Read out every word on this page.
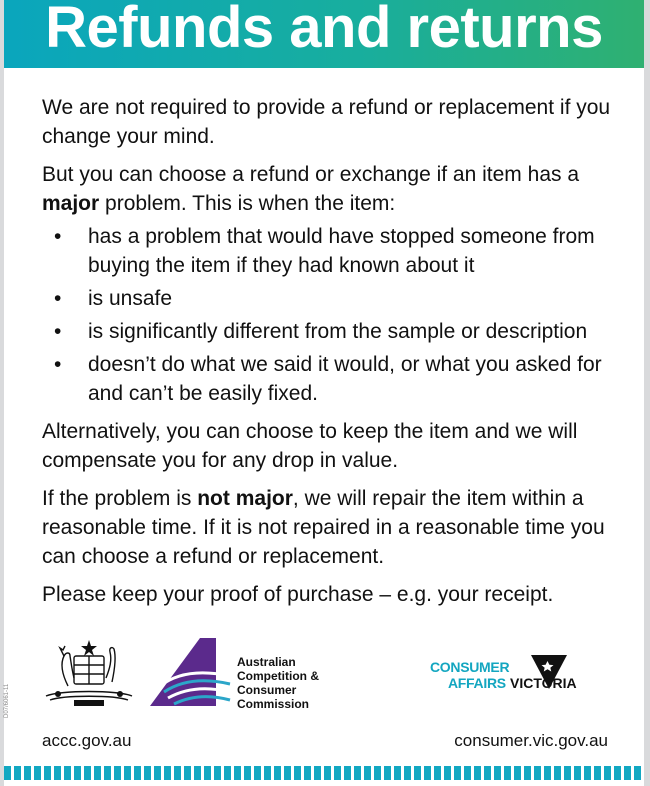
Refunds and returns

We are not required to provide a refund or replacement if you change your mind.

But you can choose a refund or exchange if an item has a major problem. This is when the item:

• has a problem that would have stopped someone from buying the item if they had known about it
• is unsafe
• is significantly different from the sample or description
• doesn’t do what we said it would, or what you asked for and can’t be easily fixed.

Alternatively, you can choose to keep the item and we will compensate you for any drop in value.

If the problem is not major, we will repair the item within a reasonable time. If it is not repaired in a reasonable time you can choose a refund or replacement.

Please keep your proof of purchase – e.g. your receipt.

D07/6061-11
Australian
Competition &
Consumer
Commission
CONSUMER
AFFAIRS VICTORIA
accc.gov.au	consumer.vic.gov.au
